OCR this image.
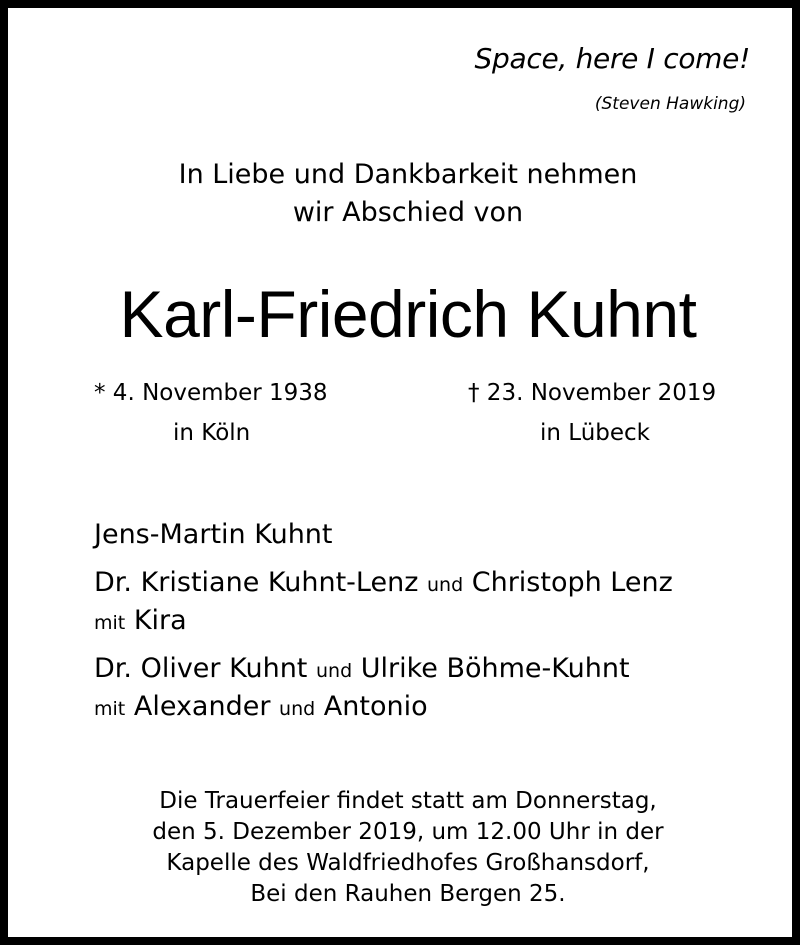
Space, here I come!
(Steven Hawking)
In Liebe und Dankbarkeit nehmen
wir Abschied von
Karl-Friedrich Kuhnt
* 4. November 1938
in Köln
† 23. November 2019
in Lübeck
Jens-Martin Kuhnt
Dr. Kristiane Kuhnt-Lenz und Christoph Lenz
mit Kira
Dr. Oliver Kuhnt und Ulrike Böhme-Kuhnt
mit Alexander und Antonio
Die Trauerfeier findet statt am Donnerstag,
den 5. Dezember 2019, um 12.00 Uhr in der
Kapelle des Waldfriedhofes Großhansdorf,
Bei den Rauhen Bergen 25.
